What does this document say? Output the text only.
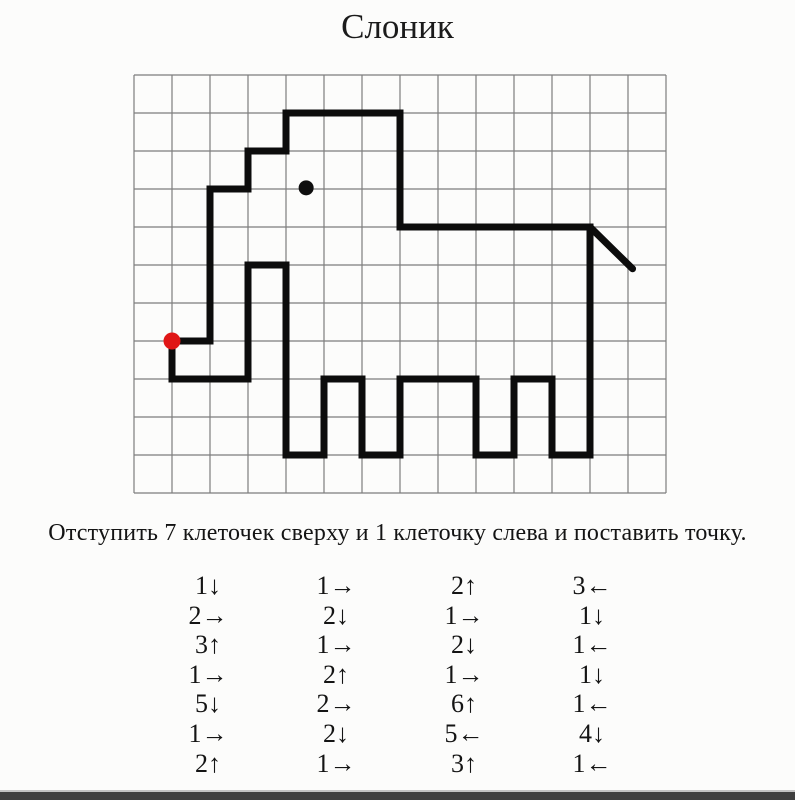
Слоник

Отступить 7 клеточек сверху и 1 клеточку слева и поставить точку.

1↓	1→	2↑	3←
2→	2↓	1→	1↓
3↑	1→	2↓	1←
1→	2↑	1→	1↓
5↓	2→	6↑	1←
1→	2↓	5←	4↓
2↑	1→	3↑	1←
